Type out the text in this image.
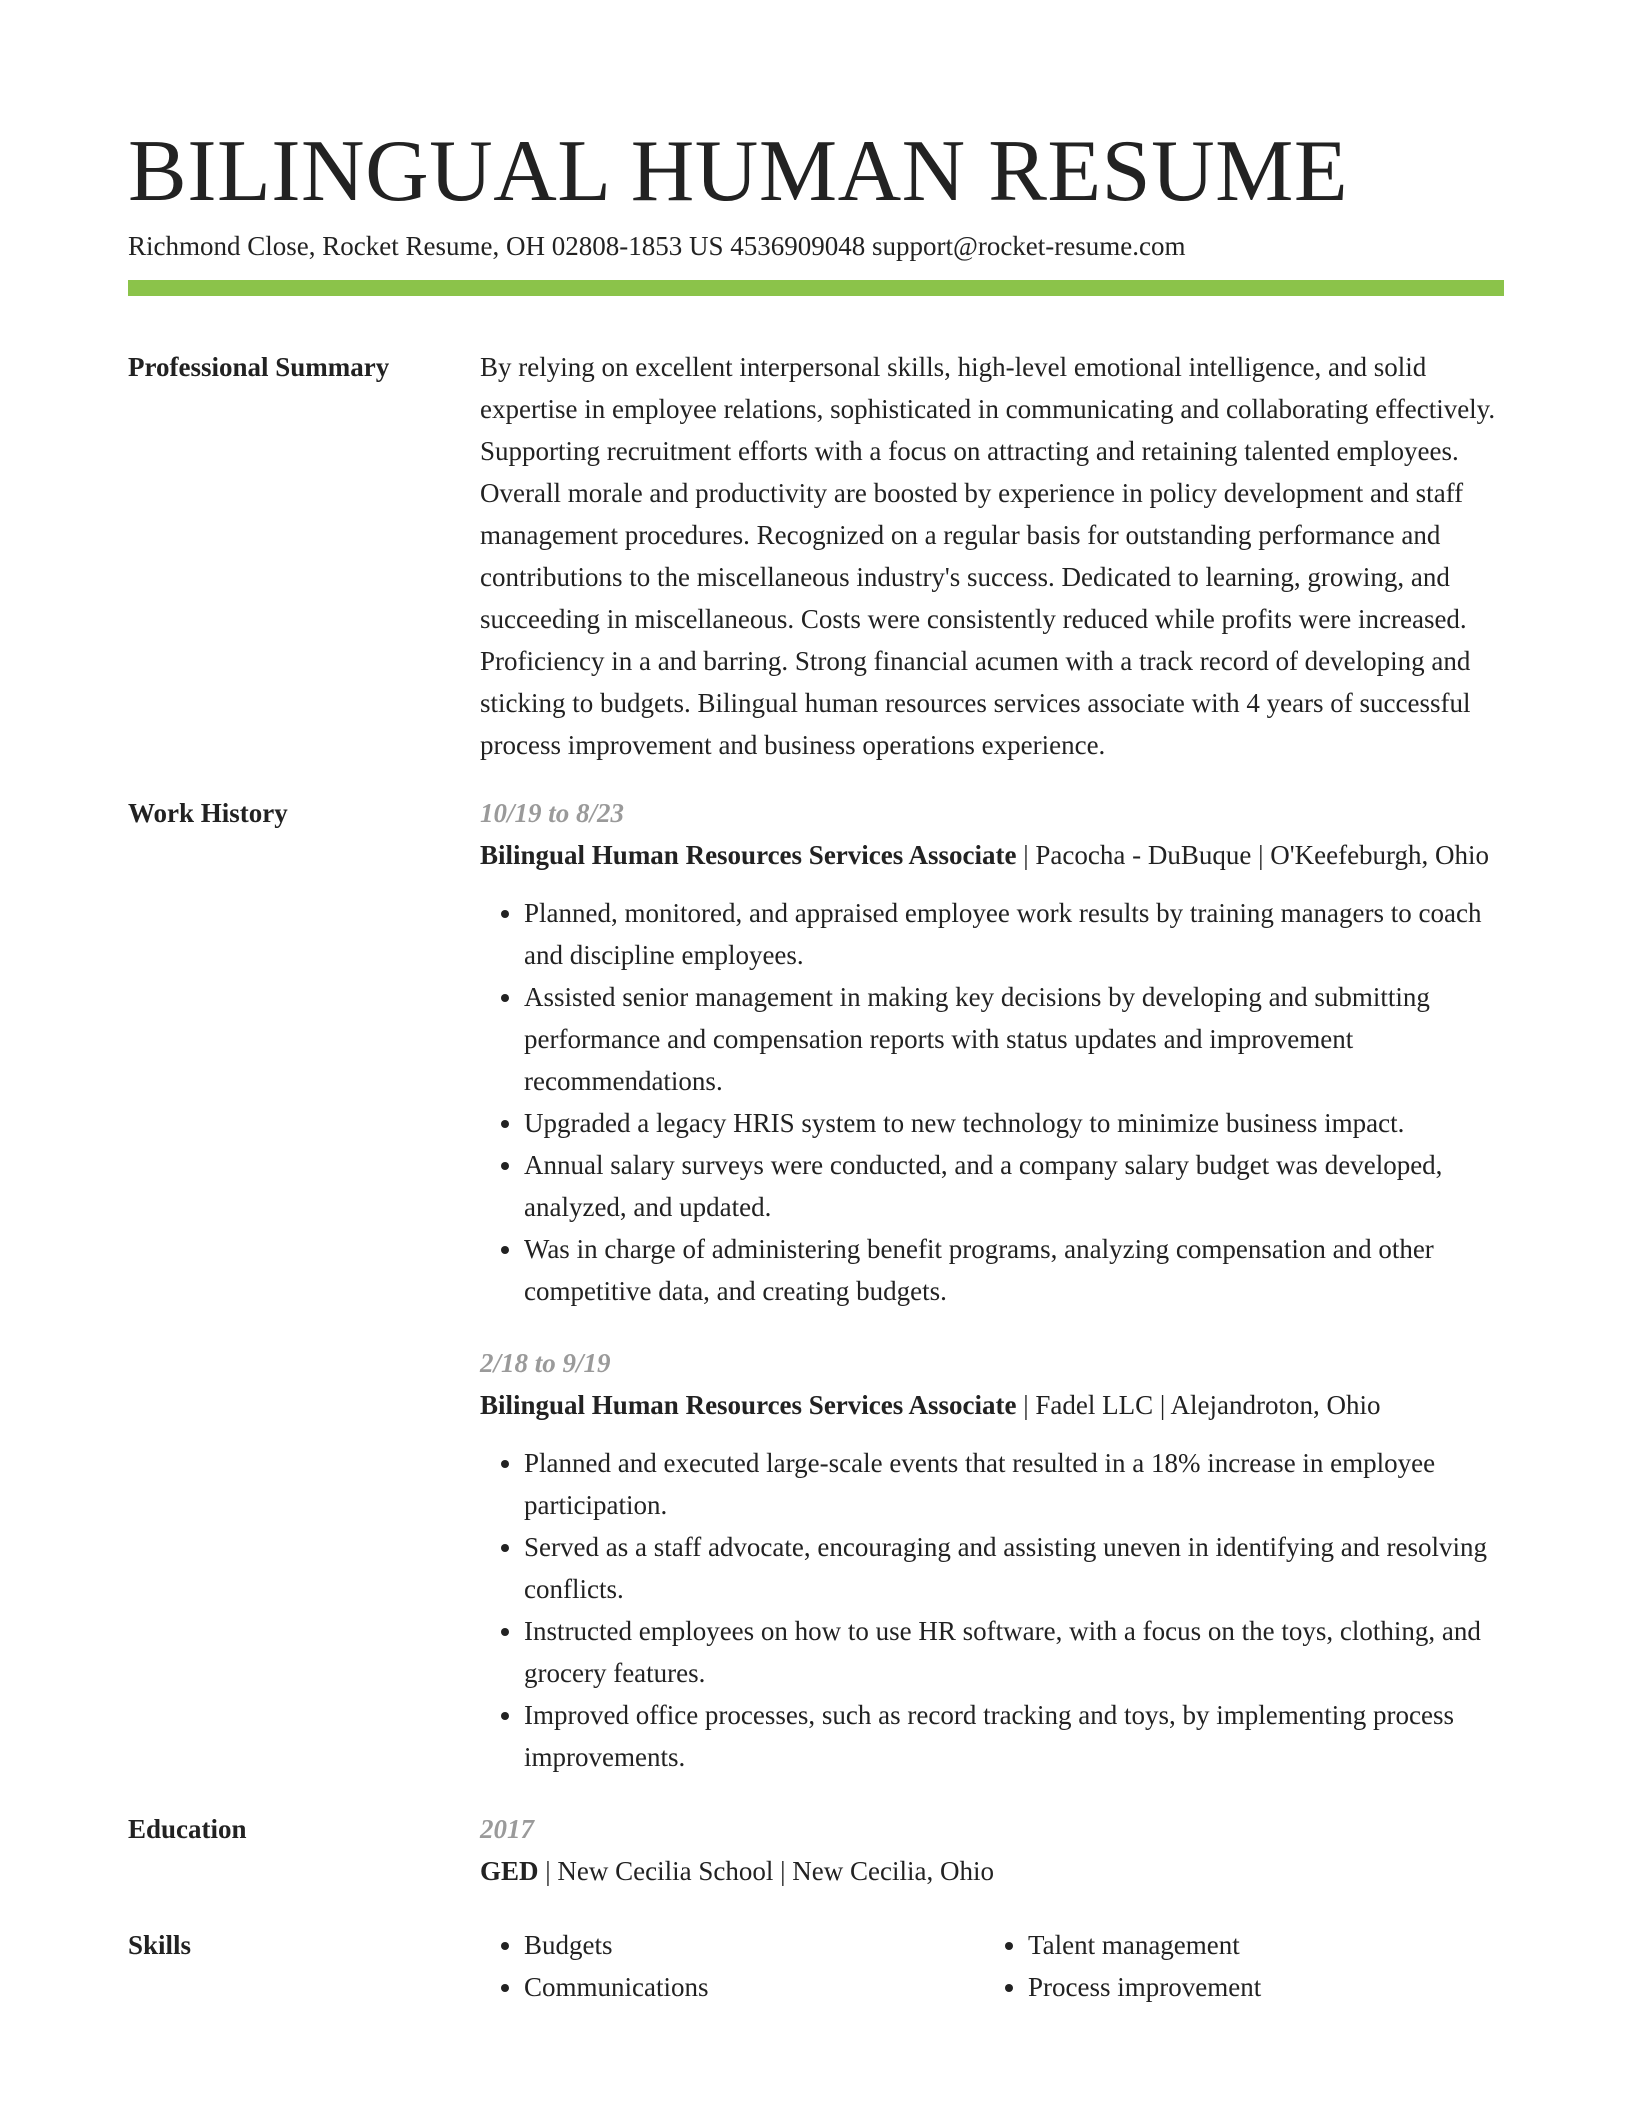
BILINGUAL HUMAN RESUME
Richmond Close, Rocket Resume, OH 02808-1853 US 4536909048 support@rocket-resume.com
Professional Summary	By relying on excellent interpersonal skills, high-level emotional intelligence, and solid expertise in employee relations, sophisticated in communicating and collaborating effectively. Supporting recruitment efforts with a focus on attracting and retaining talented employees. Overall morale and productivity are boosted by experience in policy development and staff management procedures. Recognized on a regular basis for outstanding performance and contributions to the miscellaneous industry's success. Dedicated to learning, growing, and succeeding in miscellaneous. Costs were consistently reduced while profits were increased. Proficiency in a and barring. Strong financial acumen with a track record of developing and sticking to budgets. Bilingual human resources services associate with 4 years of successful process improvement and business operations experience.

Work History	10/19 to 8/23
Bilingual Human Resources Services Associate | Pacocha - DuBuque | O'Keefeburgh, Ohio
• Planned, monitored, and appraised employee work results by training managers to coach and discipline employees.
• Assisted senior management in making key decisions by developing and submitting performance and compensation reports with status updates and improvement recommendations.
• Upgraded a legacy HRIS system to new technology to minimize business impact.
• Annual salary surveys were conducted, and a company salary budget was developed, analyzed, and updated.
• Was in charge of administering benefit programs, analyzing compensation and other competitive data, and creating budgets.
2/18 to 9/19
Bilingual Human Resources Services Associate | Fadel LLC | Alejandroton, Ohio
• Planned and executed large-scale events that resulted in a 18% increase in employee participation.
• Served as a staff advocate, encouraging and assisting uneven in identifying and resolving conflicts.
• Instructed employees on how to use HR software, with a focus on the toys, clothing, and grocery features.
• Improved office processes, such as record tracking and toys, by implementing process improvements.
Education	2017
GED | New Cecilia School | New Cecilia, Ohio
Skills
•	Budgets
• Communications
• Talent management
• Process improvement
